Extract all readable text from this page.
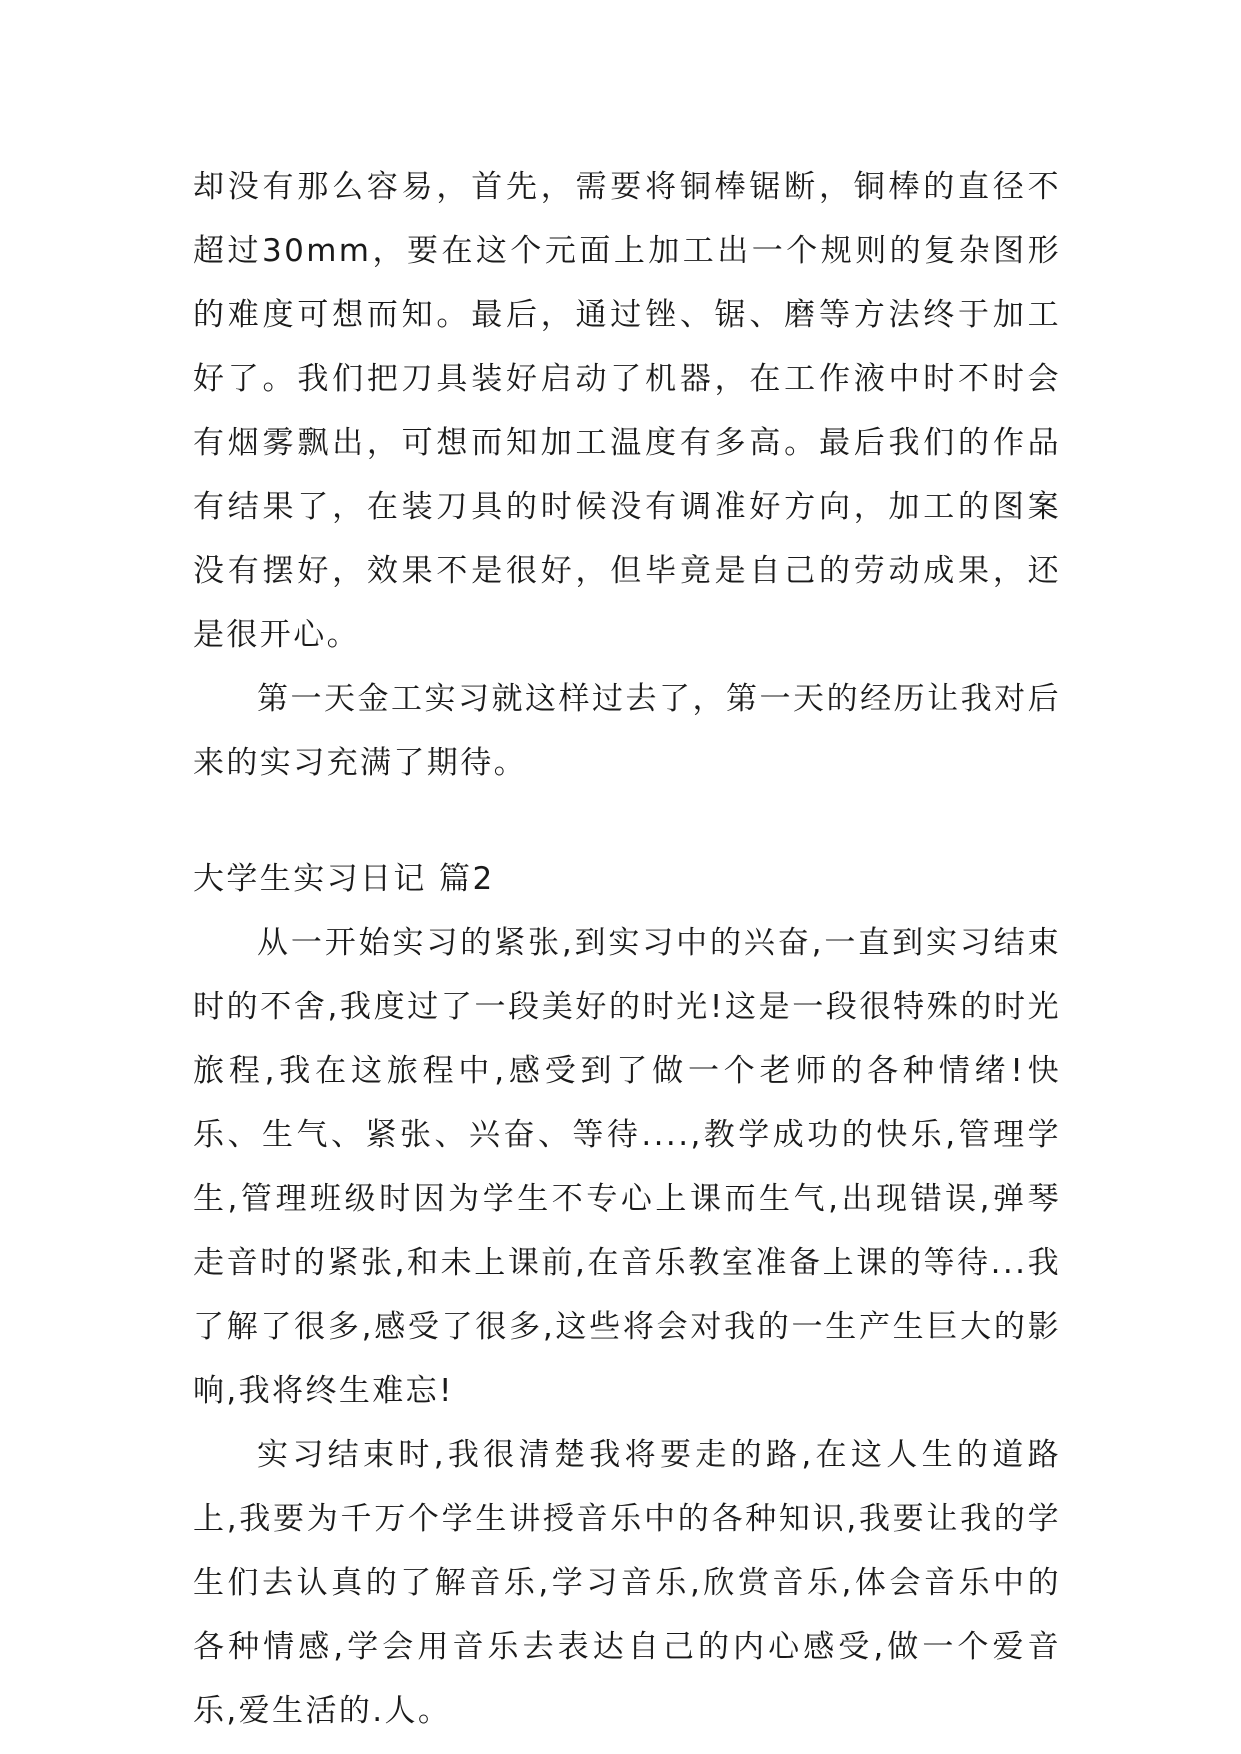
却没有那么容易，首先，需要将铜棒锯断，铜棒的直径不超过30mm，要在这个元面上加工出一个规则的复杂图形的难度可想而知。最后，通过锉、锯、磨等方法终于加工好了。我们把刀具装好启动了机器，在工作液中时不时会有烟雾飘出，可想而知加工温度有多高。最后我们的作品有结果了，在装刀具的时候没有调准好方向，加工的图案没有摆好，效果不是很好，但毕竟是自己的劳动成果，还是很开心。

第一天金工实习就这样过去了，第一天的经历让我对后来的实习充满了期待。

大学生实习日记 篇2

从一开始实习的紧张,到实习中的兴奋,一直到实习结束时的不舍,我度过了一段美好的时光!这是一段很特殊的时光旅程,我在这旅程中,感受到了做一个老师的各种情绪!快乐、生气、紧张、兴奋、等待....,教学成功的快乐,管理学生,管理班级时因为学生不专心上课而生气,出现错误,弹琴走音时的紧张,和未上课前,在音乐教室准备上课的等待...我了解了很多,感受了很多,这些将会对我的一生产生巨大的影响,我将终生难忘!

实习结束时,我很清楚我将要走的路,在这人生的道路上,我要为千万个学生讲授音乐中的各种知识,我要让我的学生们去认真的了解音乐,学习音乐,欣赏音乐,体会音乐中的各种情感,学会用音乐去表达自己的内心感受,做一个爱音乐,爱生活的.人。
